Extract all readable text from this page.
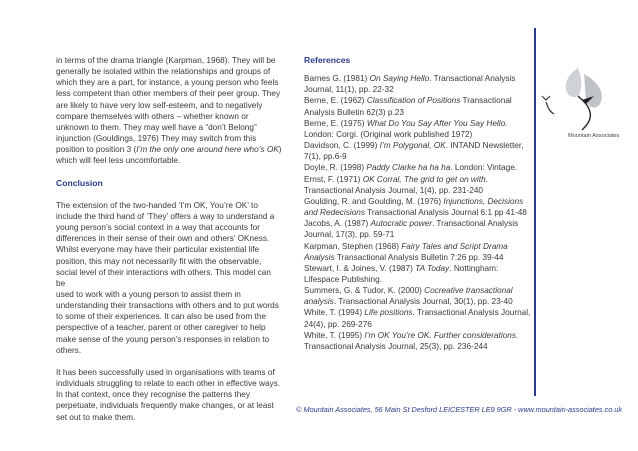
in terms of the drama triangle (Karpman, 1968). They will be
generally be isolated within the relationships and groups of
which they are a part, for instance, a young person who feels
less competent than other members of their peer group. They
are likely to have very low self-esteem, and to negatively
compare themselves with others – whether known or
unknown to them. They may well have a “don’t Belong”
injunction (Gouldings, 1976) They may switch from this
position to position 3 (I’m the only one around here who’s OK)
which will feel less uncomfortable.

Conclusion

The extension of the two-handed ‘I’m OK, You’re OK’ to
include the third hand of ‘They’ offers a way to understand a
young person’s social context in a way that accounts for
differences in their sense of their own and others’ OKness.
Whilst everyone may have their particular existential life
position, this may not necessarily fit with the observable,
social level of their interactions with others. This model can be
used to work with a young person to assist them in
understanding their transactions with others and to put words
to some of their experiences. It can also be used from the
perspective of a teacher, parent or other caregiver to help
make sense of the young person’s responses in relation to
others.

It has been successfully used in organisations with teams of
individuals struggling to relate to each other in effective ways.
In that context, once they recognise the patterns they
perpetuate, individuals frequently make changes, or at least
set out to make them.

References

Barnes G. (1981) On Saying Hello. Transactional Analysis
Journal, 11(1), pp. 22-32

Berne, E. (1962) Classification of Positions Transactional
Analysis Bulletin 62(3) p.23

Berne, E. (1975) What Do You Say After You Say Hello.
London: Corgi. (Original work published 1972)

Davidson, C. (1999) I’m Polygonal, OK. INTAND Newsletter,
7(1), pp.6-9

Doyle, R. (1998) Paddy Clarke ha ha ha. London: Vintage.

Ernst, F. (1971) OK Corral, The grid to get on with.
Transactional Analysis Journal, 1(4), pp. 231-240

Goulding, R. and Goulding, M. (1976) Injunctions, Decisions
and Redecisions Transactional Analysis Journal 6:1 pp 41-48

Jacobs, A. (1987) Autocratic power. Transactional Analysis
Journal, 17(3), pp. 59-71

Karpman, Stephen (1968) Fairy Tales and Script Drama
Analysis Transactional Analysis Bulletin 7:26 pp. 39-44

Stewart, I. & Joines, V. (1987) TA Today. Nottingham:
Lifespace Publishing.

Summers, G. & Tudor, K. (2000) Cocreative transactional
analysis. Transactional Analysis Journal, 30(1), pp. 23-40

White, T. (1994) Life positions. Transactional Analysis Journal,
24(4), pp. 269-276

White, T. (1995) I’m OK You’re OK. Further considerations.
Transactional Analysis Journal, 25(3), pp. 236-244

Mountain Associates
© Mountain Associates, 56 Main St Desford LEICESTER LE9 9GR - www.mountain-associates.co.uk
